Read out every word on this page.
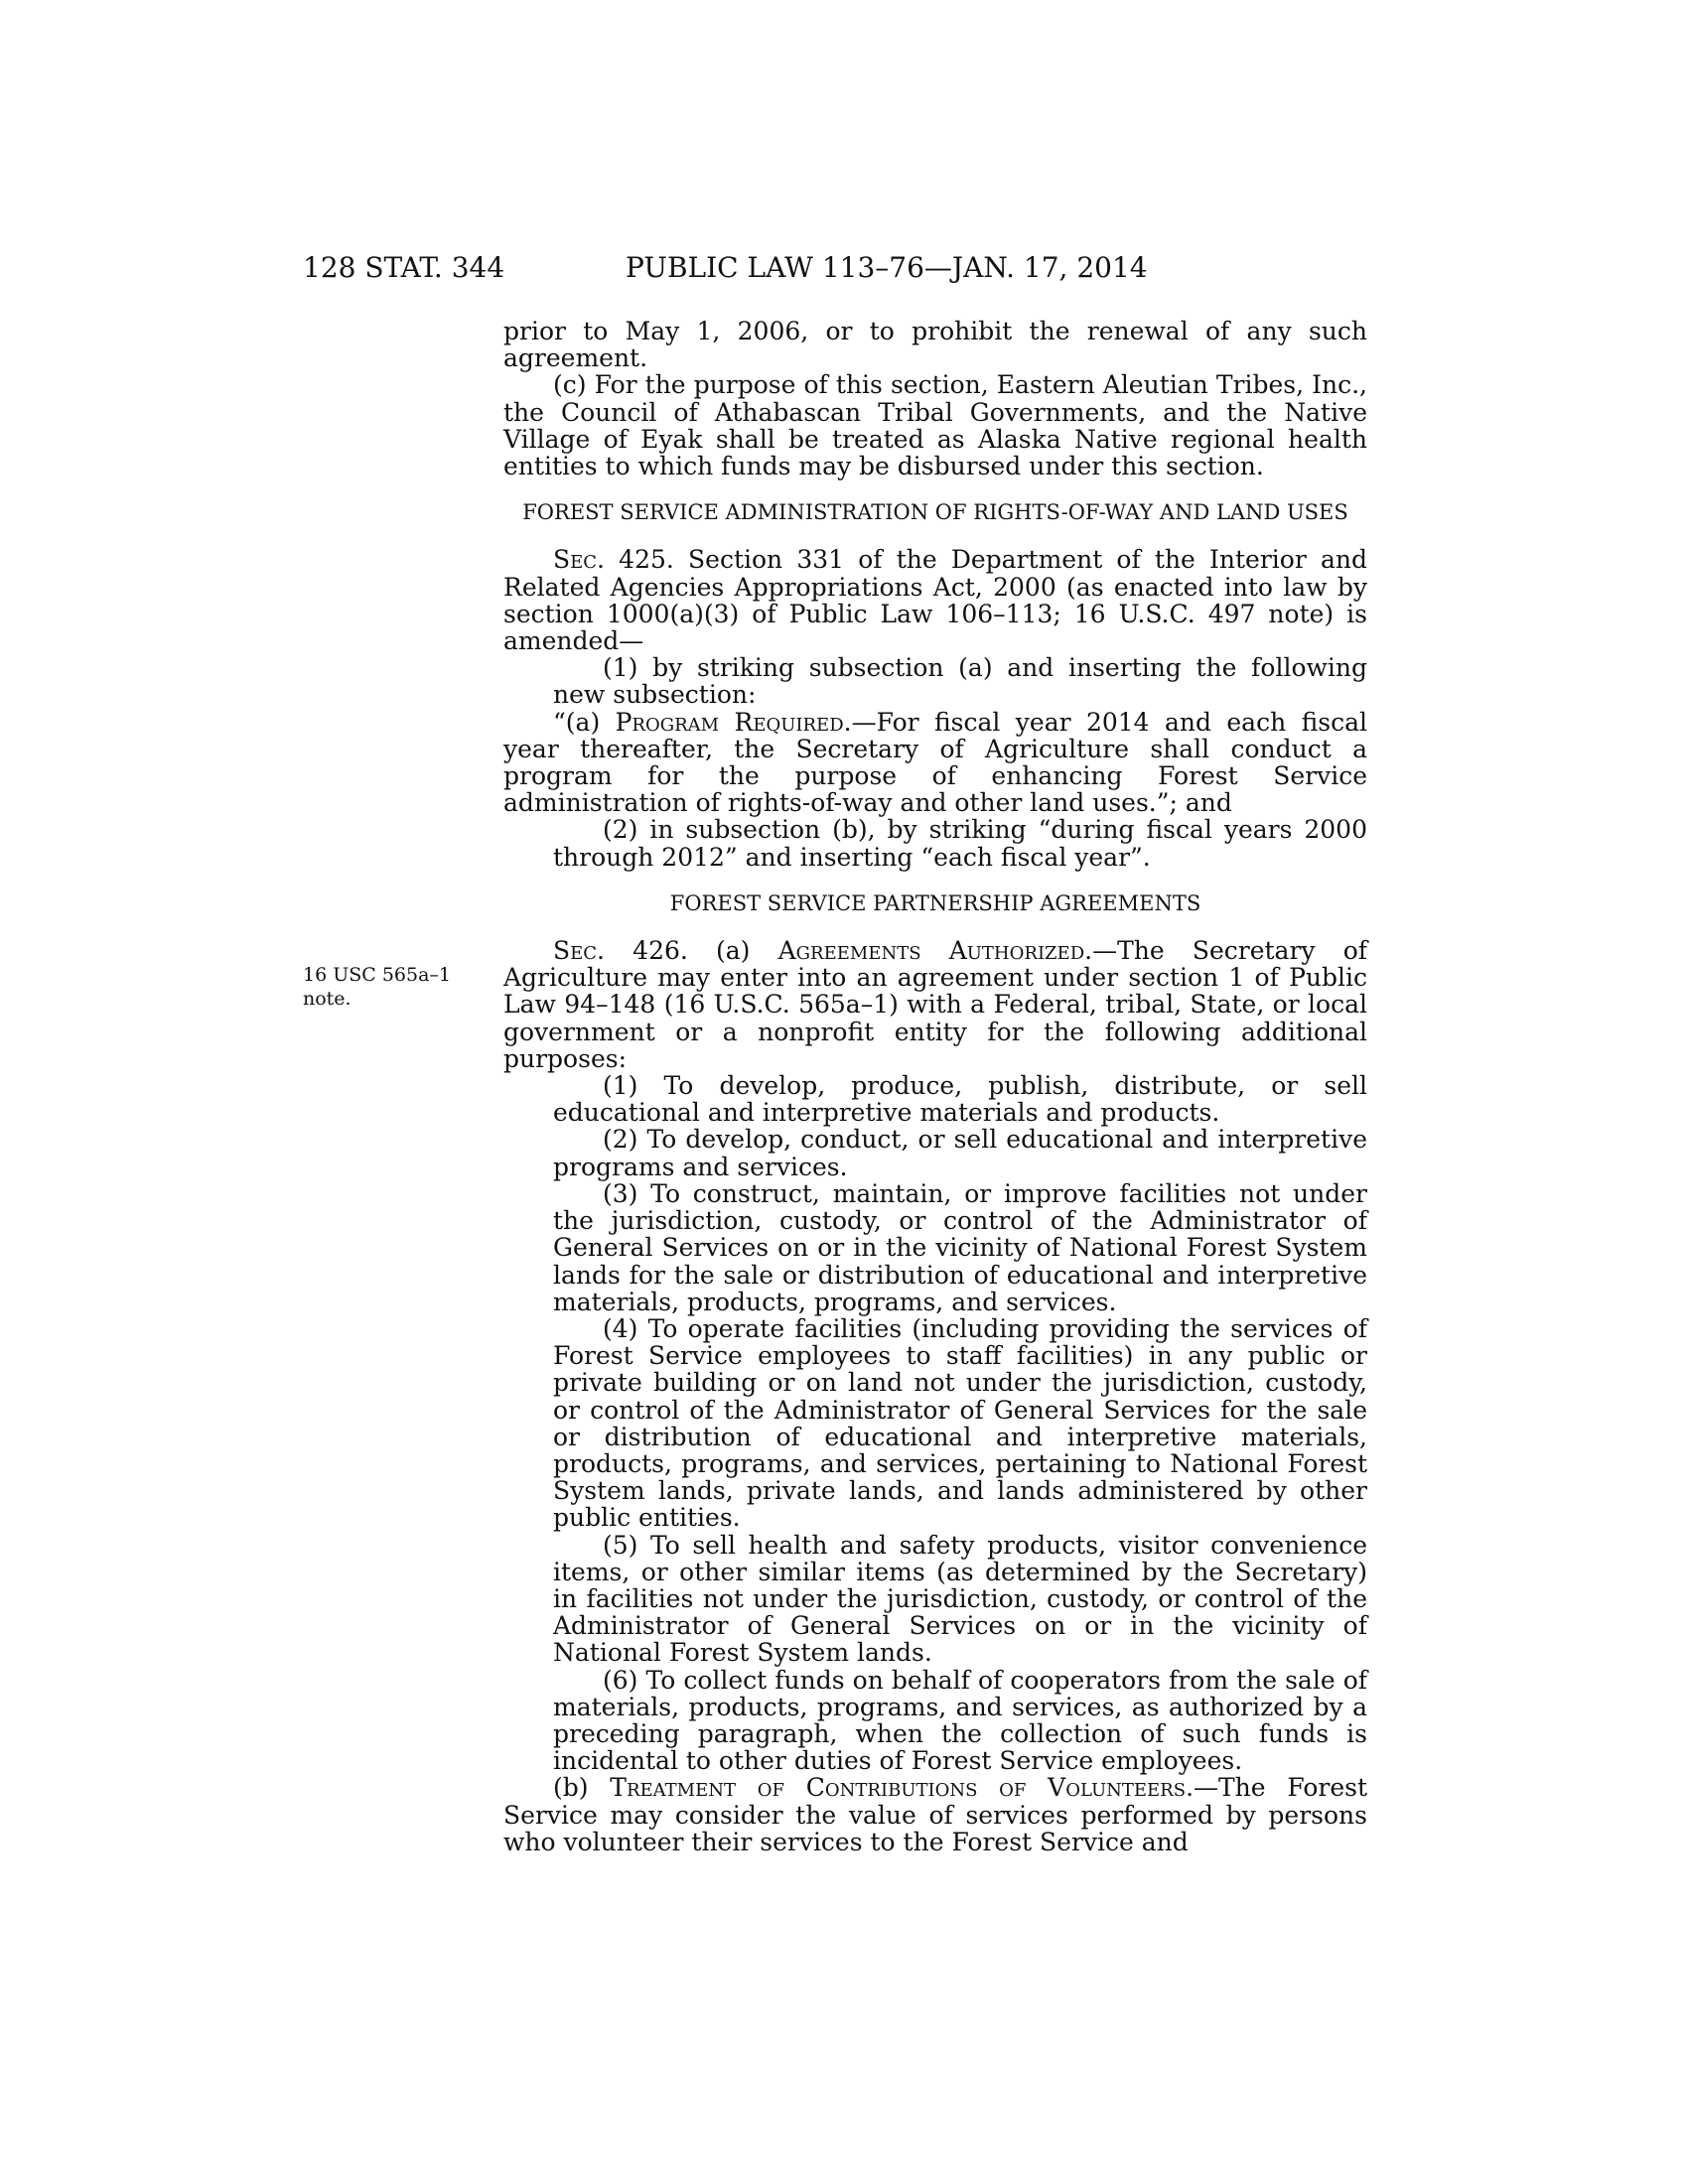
128 STAT. 344	PUBLIC LAW 113–76—JAN. 17, 2014
16 USC 565a–1
note.

prior to May 1, 2006, or to prohibit the renewal of any such agreement.

(c) For the purpose of this section, Eastern Aleutian Tribes, Inc., the Council of Athabascan Tribal Governments, and the Native Village of Eyak shall be treated as Alaska Native regional health entities to which funds may be disbursed under this section.

FOREST SERVICE ADMINISTRATION OF RIGHTS-OF-WAY AND LAND USES

Sec. 425. Section 331 of the Department of the Interior and Related Agencies Appropriations Act, 2000 (as enacted into law by section 1000(a)(3) of Public Law 106–113; 16 U.S.C. 497 note) is amended—

(1) by striking subsection (a) and inserting the following new subsection:

“(a) Program Required.—For fiscal year 2014 and each fiscal year thereafter, the Secretary of Agriculture shall conduct a program for the purpose of enhancing Forest Service administration of rights-of-way and other land uses.”; and

(2) in subsection (b), by striking “during fiscal years 2000 through 2012” and inserting “each fiscal year”.

FOREST SERVICE PARTNERSHIP AGREEMENTS

Sec. 426. (a) Agreements Authorized.—The Secretary of Agriculture may enter into an agreement under section 1 of Public Law 94–148 (16 U.S.C. 565a–1) with a Federal, tribal, State, or local government or a nonprofit entity for the following additional purposes:

(1) To develop, produce, publish, distribute, or sell educational and interpretive materials and products.

(2) To develop, conduct, or sell educational and interpretive programs and services.

(3) To construct, maintain, or improve facilities not under the jurisdiction, custody, or control of the Administrator of General Services on or in the vicinity of National Forest System lands for the sale or distribution of educational and interpretive materials, products, programs, and services.

(4) To operate facilities (including providing the services of Forest Service employees to staff facilities) in any public or private building or on land not under the jurisdiction, custody, or control of the Administrator of General Services for the sale or distribution of educational and interpretive materials, products, programs, and services, pertaining to National Forest System lands, private lands, and lands administered by other public entities.

(5) To sell health and safety products, visitor convenience items, or other similar items (as determined by the Secretary) in facilities not under the jurisdiction, custody, or control of the Administrator of General Services on or in the vicinity of National Forest System lands.

(6) To collect funds on behalf of cooperators from the sale of materials, products, programs, and services, as authorized by a preceding paragraph, when the collection of such funds is incidental to other duties of Forest Service employees.

(b) Treatment of Contributions of Volunteers.—The Forest Service may consider the value of services performed by persons who volunteer their services to the Forest Service and
